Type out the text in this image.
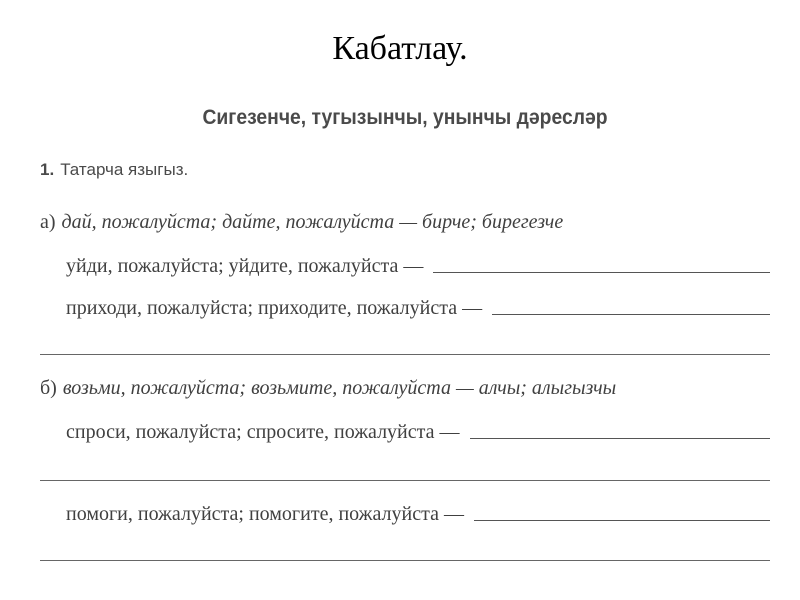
Кабатлау.
Сигезенче, тугызынчы, унынчы дәресләр
1. Татарча языгыз.
а) дай, пожалуйста; дайте, пожалуйста — бирче; бирегезче
уйди, пожалуйста; уйдите, пожалуйста —
приходи, пожалуйста; приходите, пожалуйста —
б) возьми, пожалуйста; возьмите, пожалуйста — алчы; алыгызчы
спроси, пожалуйста; спросите, пожалуйста —
помоги, пожалуйста; помогите, пожалуйста —
